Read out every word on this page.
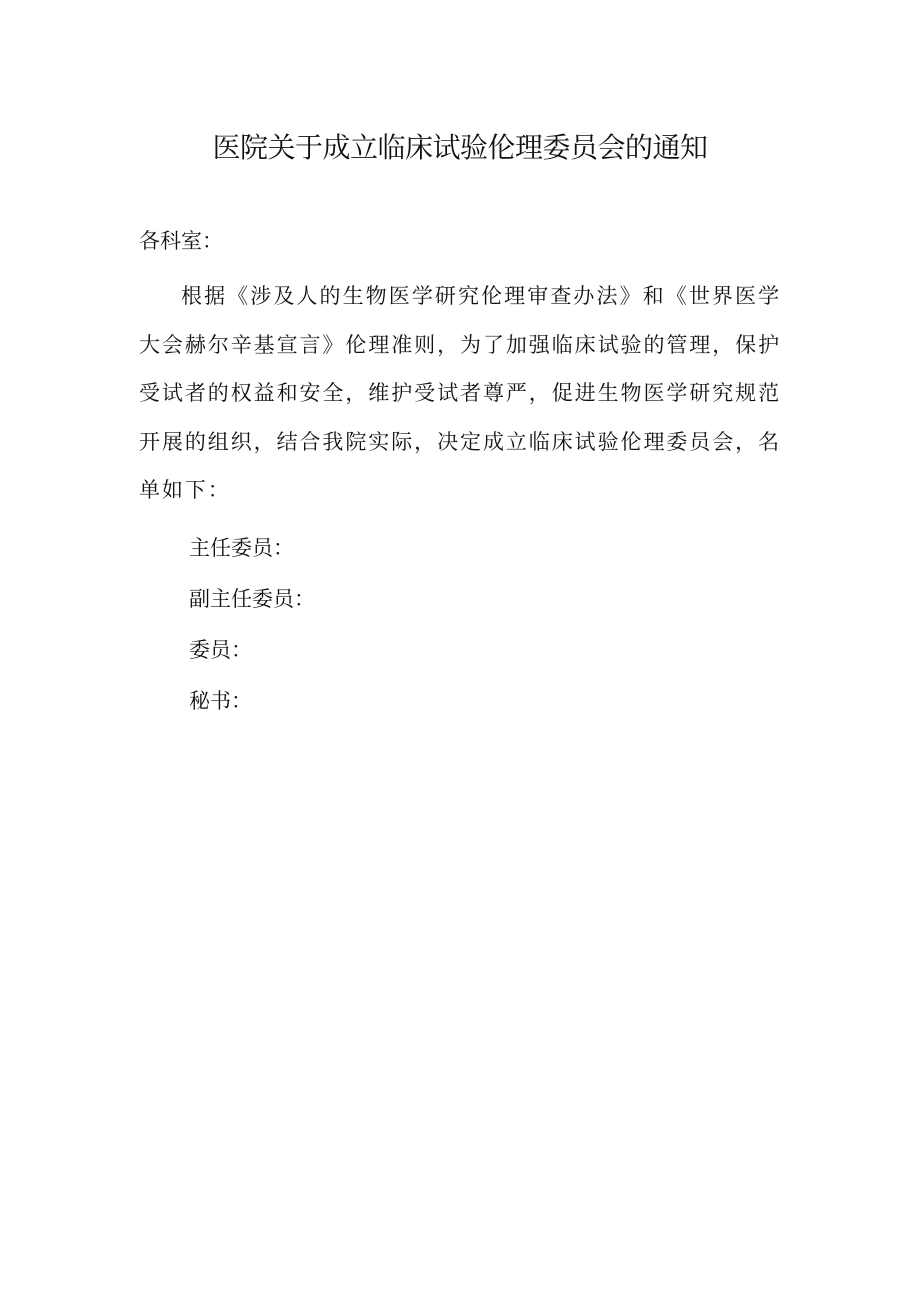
医院关于成立临床试验伦理委员会的通知

各科室：

根据《涉及人的生物医学研究伦理审查办法》和《世界医学大会赫尔辛基宣言》伦理准则，为了加强临床试验的管理，保护受试者的权益和安全，维护受试者尊严，促进生物医学研究规范开展的组织，结合我院实际，决定成立临床试验伦理委员会，名单如下：

主任委员：

副主任委员：

委员：

秘书：
